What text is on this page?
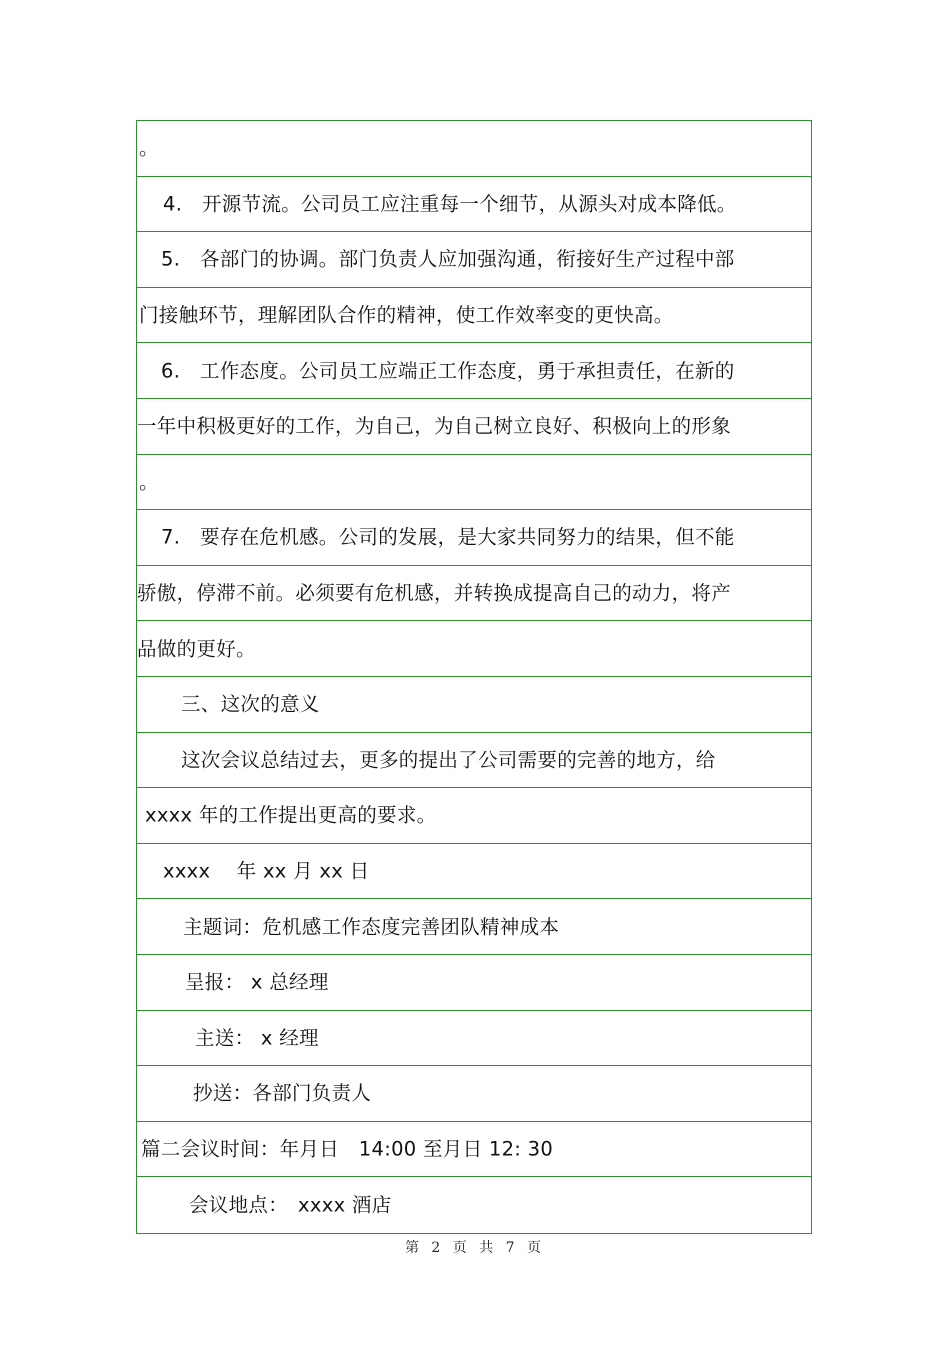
。
4.　开源节流。公司员工应注重每一个细节，从源头对成本降低。
5.　各部门的协调。部门负责人应加强沟通，衔接好生产过程中部
门接触环节，理解团队合作的精神，使工作效率变的更快高。
6.　工作态度。公司员工应端正工作态度，勇于承担责任，在新的
一年中积极更好的工作，为自己，为自己树立良好、积极向上的形象
。
7.　要存在危机感。公司的发展，是大家共同努力的结果，但不能
骄傲，停滞不前。必须要有危机感，并转换成提高自己的动力，将产
品做的更好。
三、这次的意义
这次会议总结过去，更多的提出了公司需要的完善的地方，给
xxxx 年的工作提出更高的要求。
xxxx　 年 xx 月 xx 日
主题词：危机感工作态度完善团队精神成本
呈报： x 总经理
主送： x 经理
抄送：各部门负责人
篇二会议时间：年月日　14:00 至月日 12: 30
会议地点：　xxxx 酒店
第 2 页 共 7 页
